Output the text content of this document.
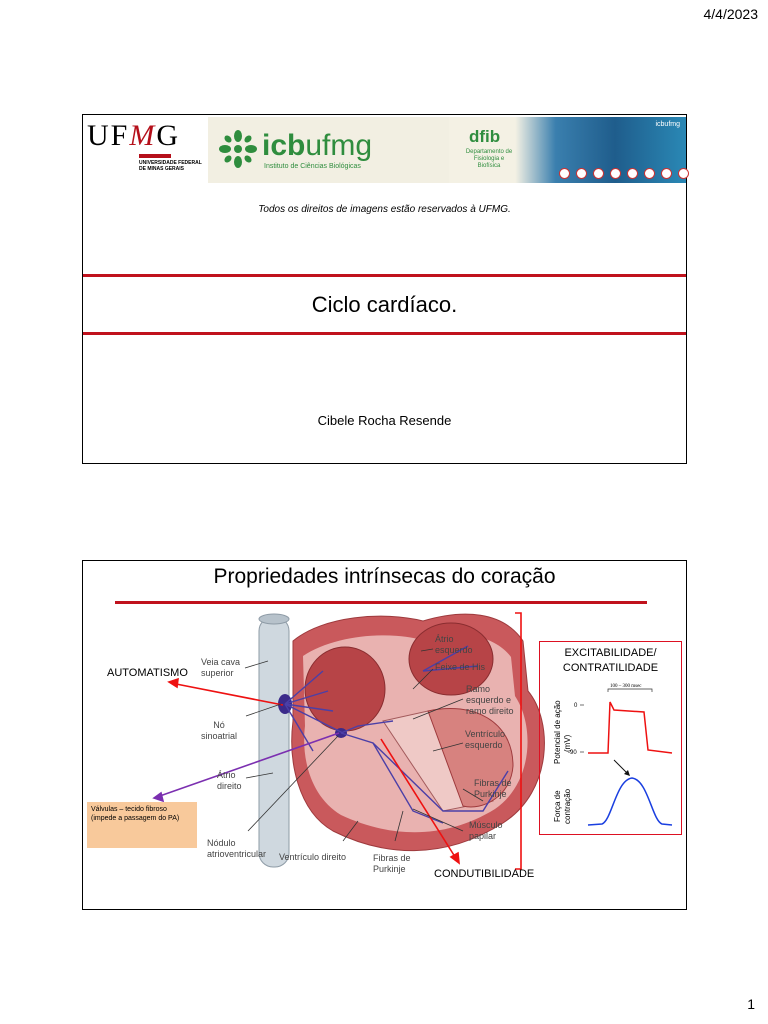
4/4/2023
UFMG
UNIVERSIDADE FEDERAL
DE MINAS GERAIS
icbufmg
Instituto de Ciências Biológicas
dfib
Departamento de
Fisiologia e
Biofísica
icbufmg
Todos os direitos de imagens estão reservados à UFMG.
Ciclo cardíaco.
Cibele Rocha Resende
Propriedades intrínsecas do coração
Veia cava
superior
Nó
sinoatrial
Átrio
direito
Nódulo
atrioventricular Ventrículo direito	Fibras de
Purkinje
Átrio
esquerdo
Feixe de His
Ramo
esquerdo e
ramo direito
Ventrículo
esquerdo
Fibras de
Purkinje
Músculo
papilar
AUTOMATISMO
CONDUTIBILIDADE
Válvulas – tecido fibroso (impede a passagem do PA)
EXCITABILIDADE/
CONTRATILIDADE
100 – 300 msec
Potencial de ação (mV)
Força de contração
0
-90
1
